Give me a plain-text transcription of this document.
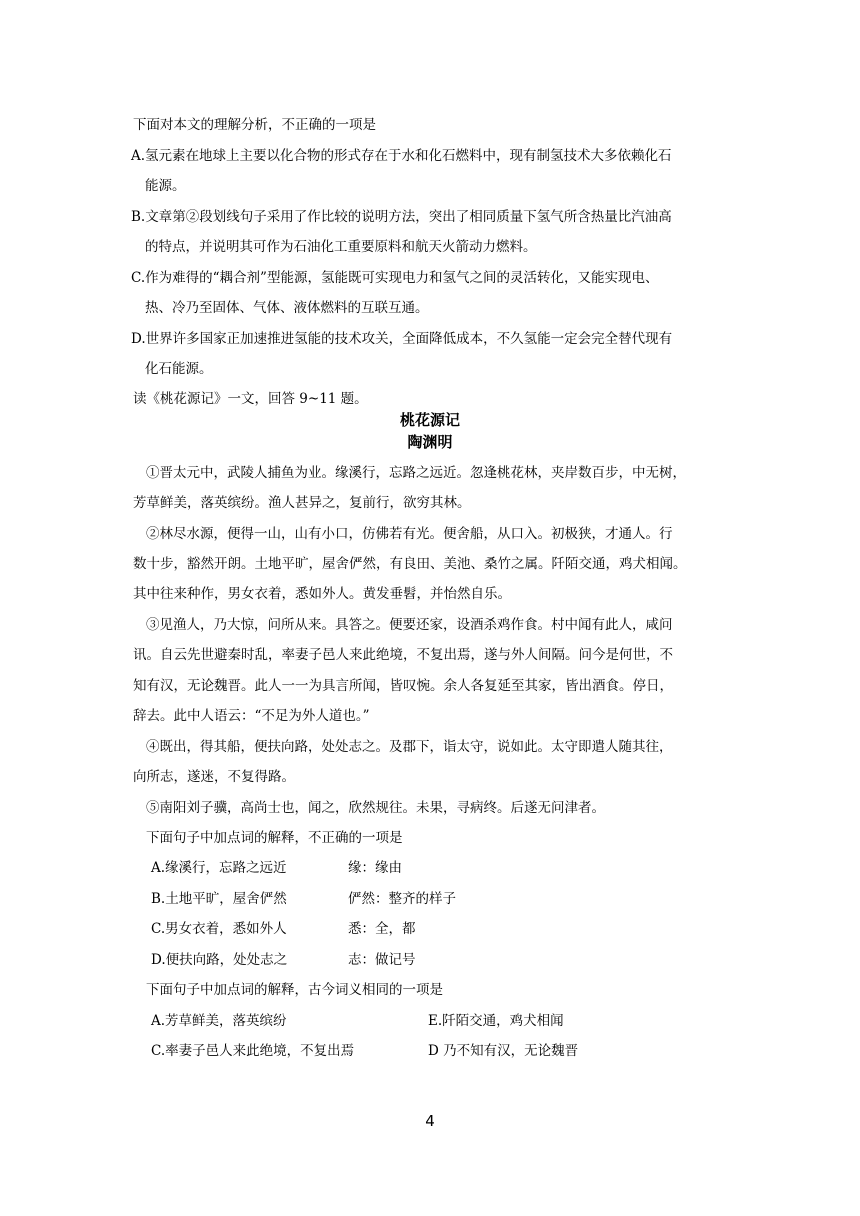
下面对本文的理解分析，不正确的一项是
A.氢元素在地球上主要以化合物的形式存在于水和化石燃料中，现有制氢技术大多依赖化石
能源。
B.文章第②段划线句子采用了作比较的说明方法，突出了相同质量下氢气所含热量比汽油高
的特点，并说明其可作为石油化工重要原料和航天火箭动力燃料。
C.作为难得的“耦合剂”型能源，氢能既可实现电力和氢气之间的灵活转化，又能实现电、
热、冷乃至固体、气体、液体燃料的互联互通。
D.世界许多国家正加速推进氢能的技术攻关，全面降低成本，不久氢能一定会完全替代现有
化石能源。
读《桃花源记》一文，回答 9~11 题。
桃花源记
陶渊明
①晋太元中，武陵人捕鱼为业。缘溪行，忘路之远近。忽逢桃花林，夹岸数百步，中无树，
芳草鲜美，落英缤纷。渔人甚异之，复前行，欲穷其林。
②林尽水源，便得一山，山有小口，仿佛若有光。便舍船，从口入。初极狭，才通人。行
数十步，豁然开朗。土地平旷，屋舍俨然，有良田、美池、桑竹之属。阡陌交通，鸡犬相闻。
其中往来种作，男女衣着，悉如外人。黄发垂髫，并怡然自乐。
③见渔人，乃大惊，问所从来。具答之。便要还家，设酒杀鸡作食。村中闻有此人，咸问
讯。自云先世避秦时乱，率妻子邑人来此绝境，不复出焉，遂与外人间隔。问今是何世，不
知有汉，无论魏晋。此人一一为具言所闻，皆叹惋。余人各复延至其家，皆出酒食。停日，
辞去。此中人语云：“不足为外人道也。”
④既出，得其船，便扶向路，处处志之。及郡下，诣太守，说如此。太守即遣人随其往，
向所志，遂迷，不复得路。
⑤南阳刘子骥，高尚士也，闻之，欣然规往。未果，寻病终。后遂无问津者。
下面句子中加点词的解释，不正确的一项是
A.缘溪行，忘路之远近	缘：缘由
B.土地平旷，屋舍俨然	俨然：整齐的样子
C.男女衣着，悉如外人	悉：全，都
D.便扶向路，处处志之	志：做记号
下面句子中加点词的解释，古今词义相同的一项是
A.芳草鲜美，落英缤纷	E.阡陌交通，鸡犬相闻
C.率妻子邑人来此绝境，不复出焉	D 乃不知有汉，无论魏晋
4
